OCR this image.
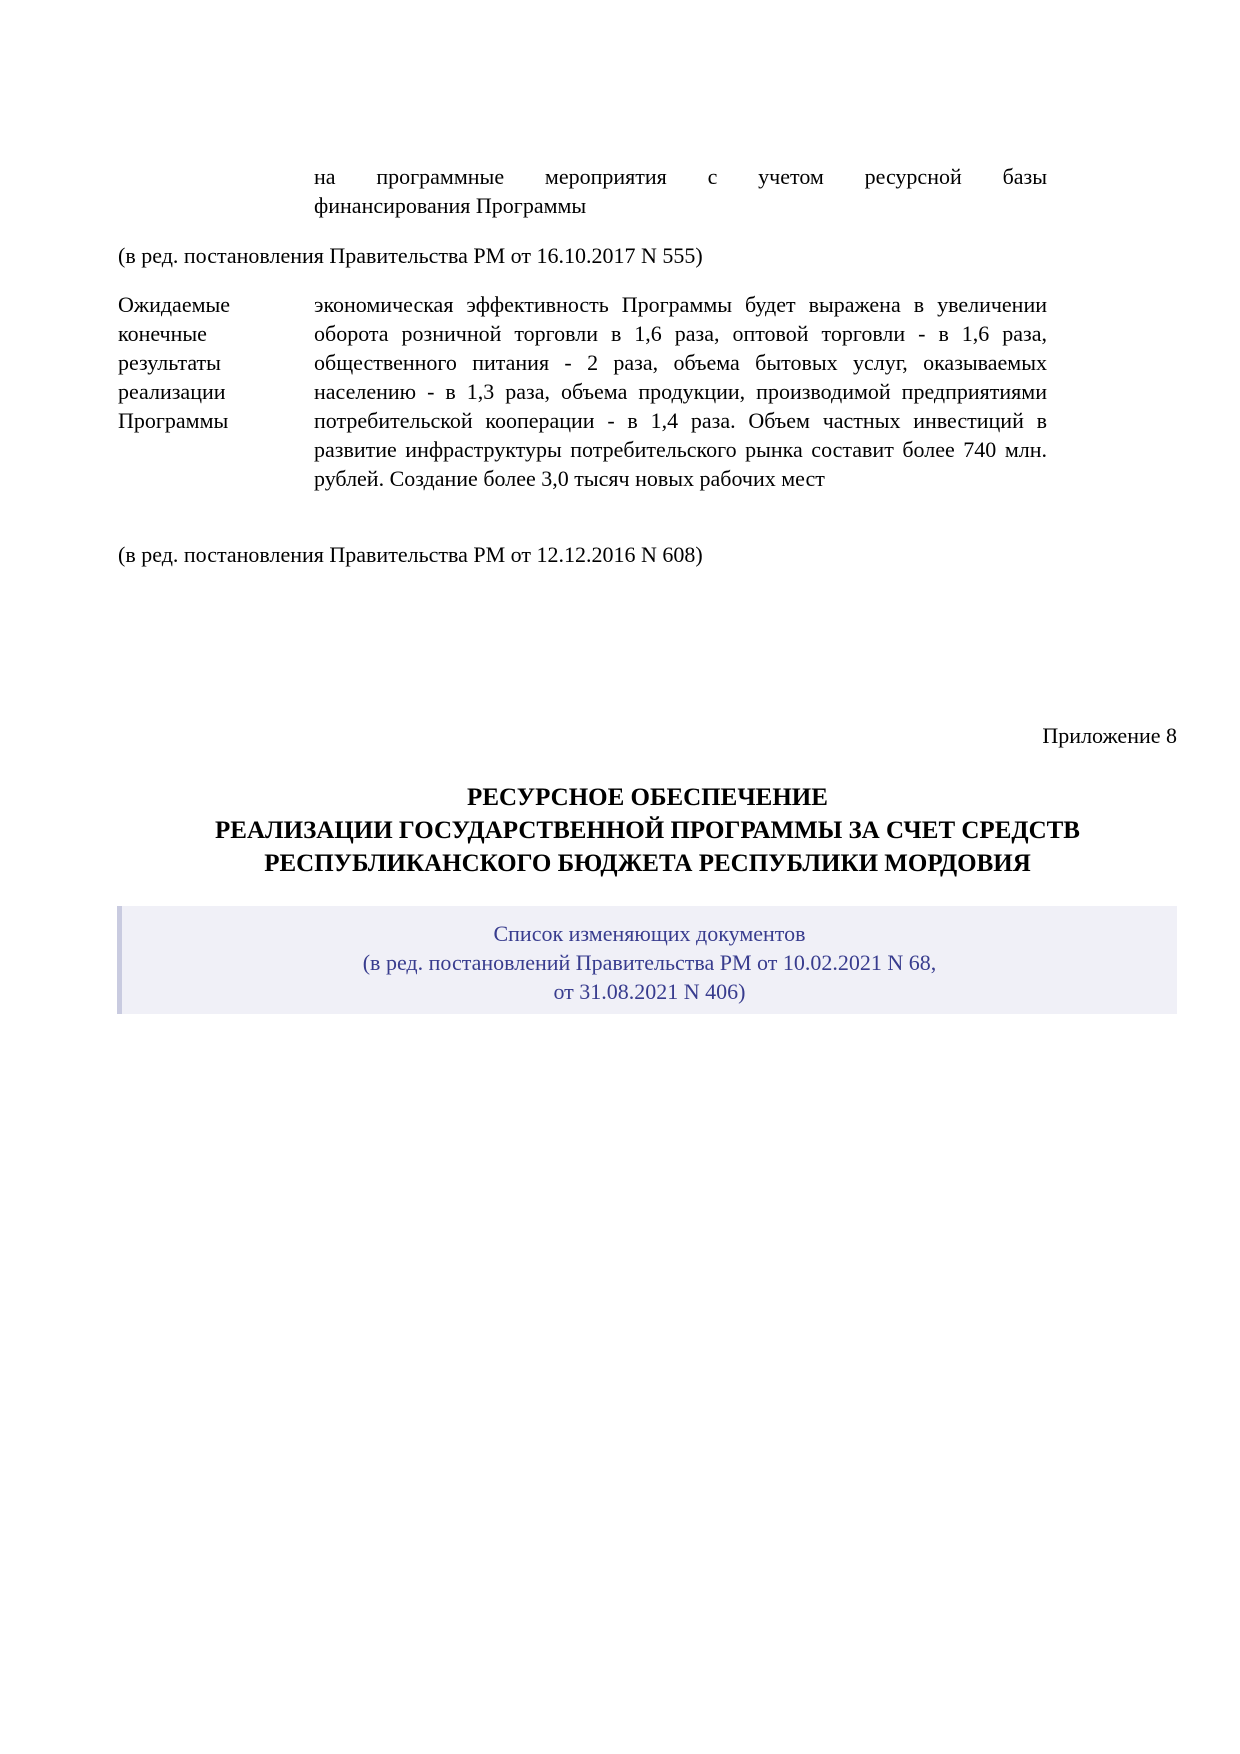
на программные мероприятия с учетом ресурсной базы
финансирования Программы
(в ред. постановления Правительства РМ от 16.10.2017 N 555)
Ожидаемые
конечные
результаты
реализации
Программы
экономическая эффективность Программы будет выражена в увеличении оборота розничной торговли в 1,6 раза, оптовой торговли - в 1,6 раза, общественного питания - 2 раза, объема бытовых услуг, оказываемых населению - в 1,3 раза, объема продукции, производимой предприятиями потребительской кооперации - в 1,4 раза. Объем частных инвестиций в развитие инфраструктуры потребительского рынка составит более 740 млн. рублей. Создание более 3,0 тысяч новых рабочих мест
(в ред. постановления Правительства РМ от 12.12.2016 N 608)
Приложение 8
РЕСУРСНОЕ ОБЕСПЕЧЕНИЕ
РЕАЛИЗАЦИИ ГОСУДАРСТВЕННОЙ ПРОГРАММЫ ЗА СЧЕТ СРЕДСТВ
РЕСПУБЛИКАНСКОГО БЮДЖЕТА РЕСПУБЛИКИ МОРДОВИЯ
Список изменяющих документов
(в ред. постановлений Правительства РМ от 10.02.2021 N 68,
от 31.08.2021 N 406)
